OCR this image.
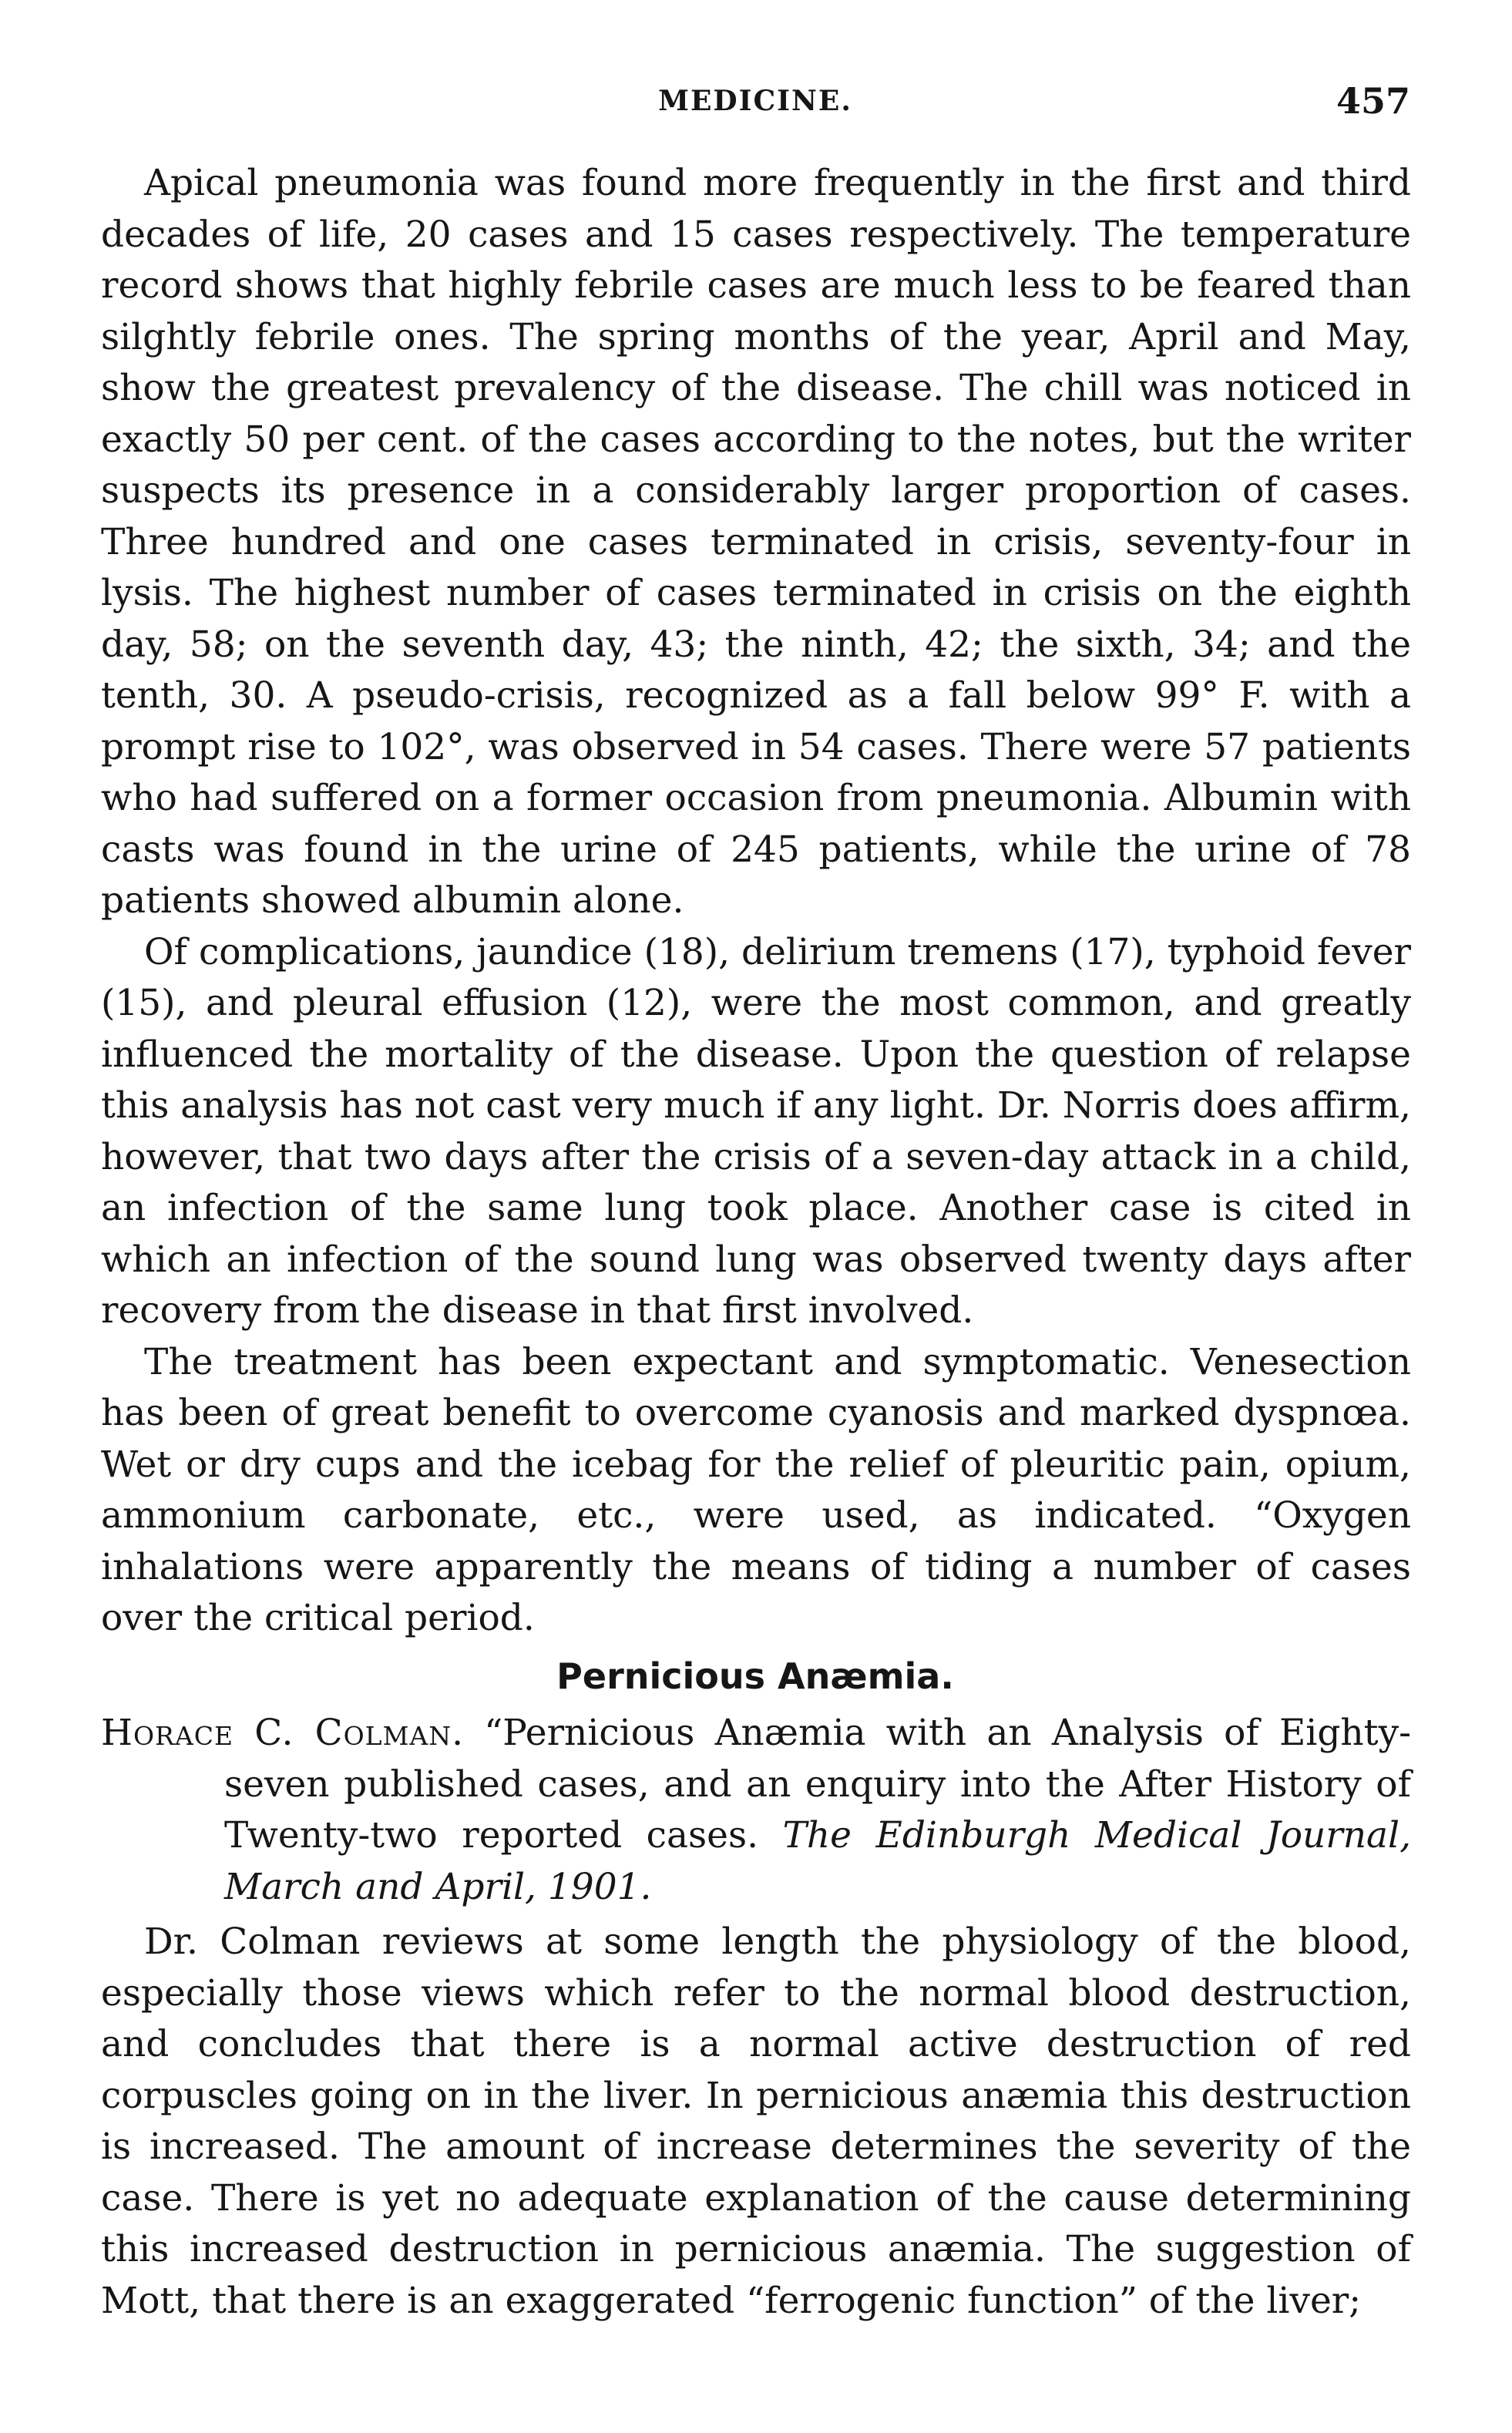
MEDICINE.	457

Apical pneumonia was found more frequently in the first and third decades of life, 20 cases and 15 cases respectively. The temperature record shows that highly febrile cases are much less to be feared than silghtly febrile ones. The spring months of the year, April and May, show the greatest prevalency of the disease. The chill was noticed in exactly 50 per cent. of the cases according to the notes, but the writer suspects its presence in a considerably larger proportion of cases. Three hundred and one cases terminated in crisis, seventy-four in lysis. The highest number of cases terminated in crisis on the eighth day, 58; on the seventh day, 43; the ninth, 42; the sixth, 34; and the tenth, 30. A pseudo-crisis, recognized as a fall below 99° F. with a prompt rise to 102°, was observed in 54 cases. There were 57 patients who had suffered on a former occasion from pneumonia. Albumin with casts was found in the urine of 245 patients, while the urine of 78 patients showed albumin alone.

Of complications, jaundice (18), delirium tremens (17), typhoid fever (15), and pleural effusion (12), were the most common, and greatly influenced the mortality of the disease. Upon the question of relapse this analysis has not cast very much if any light. Dr. Norris does affirm, however, that two days after the crisis of a seven-day attack in a child, an infection of the same lung took place. Another case is cited in which an infection of the sound lung was observed twenty days after recovery from the disease in that first involved.

The treatment has been expectant and symptomatic. Venesection has been of great benefit to overcome cyanosis and marked dyspnœa. Wet or dry cups and the icebag for the relief of pleuritic pain, opium, ammonium carbonate, etc., were used, as indicated. “Oxygen inhalations were apparently the means of tiding a number of cases over the critical period.

Pernicious Anæmia.
Horace C. Colman. “Pernicious Anæmia with an Analysis of Eighty-seven published cases, and an enquiry into the After History of Twenty-two reported cases. The Edinburgh Medical Journal, March and April, 1901.

Dr. Colman reviews at some length the physiology of the blood, especially those views which refer to the normal blood destruction, and concludes that there is a normal active destruction of red corpuscles going on in the liver. In pernicious anæmia this destruction is increased. The amount of increase determines the severity of the case. There is yet no adequate explanation of the cause determining this increased destruction in pernicious anæmia. The suggestion of Mott, that there is an exaggerated “ferrogenic function” of the liver;
